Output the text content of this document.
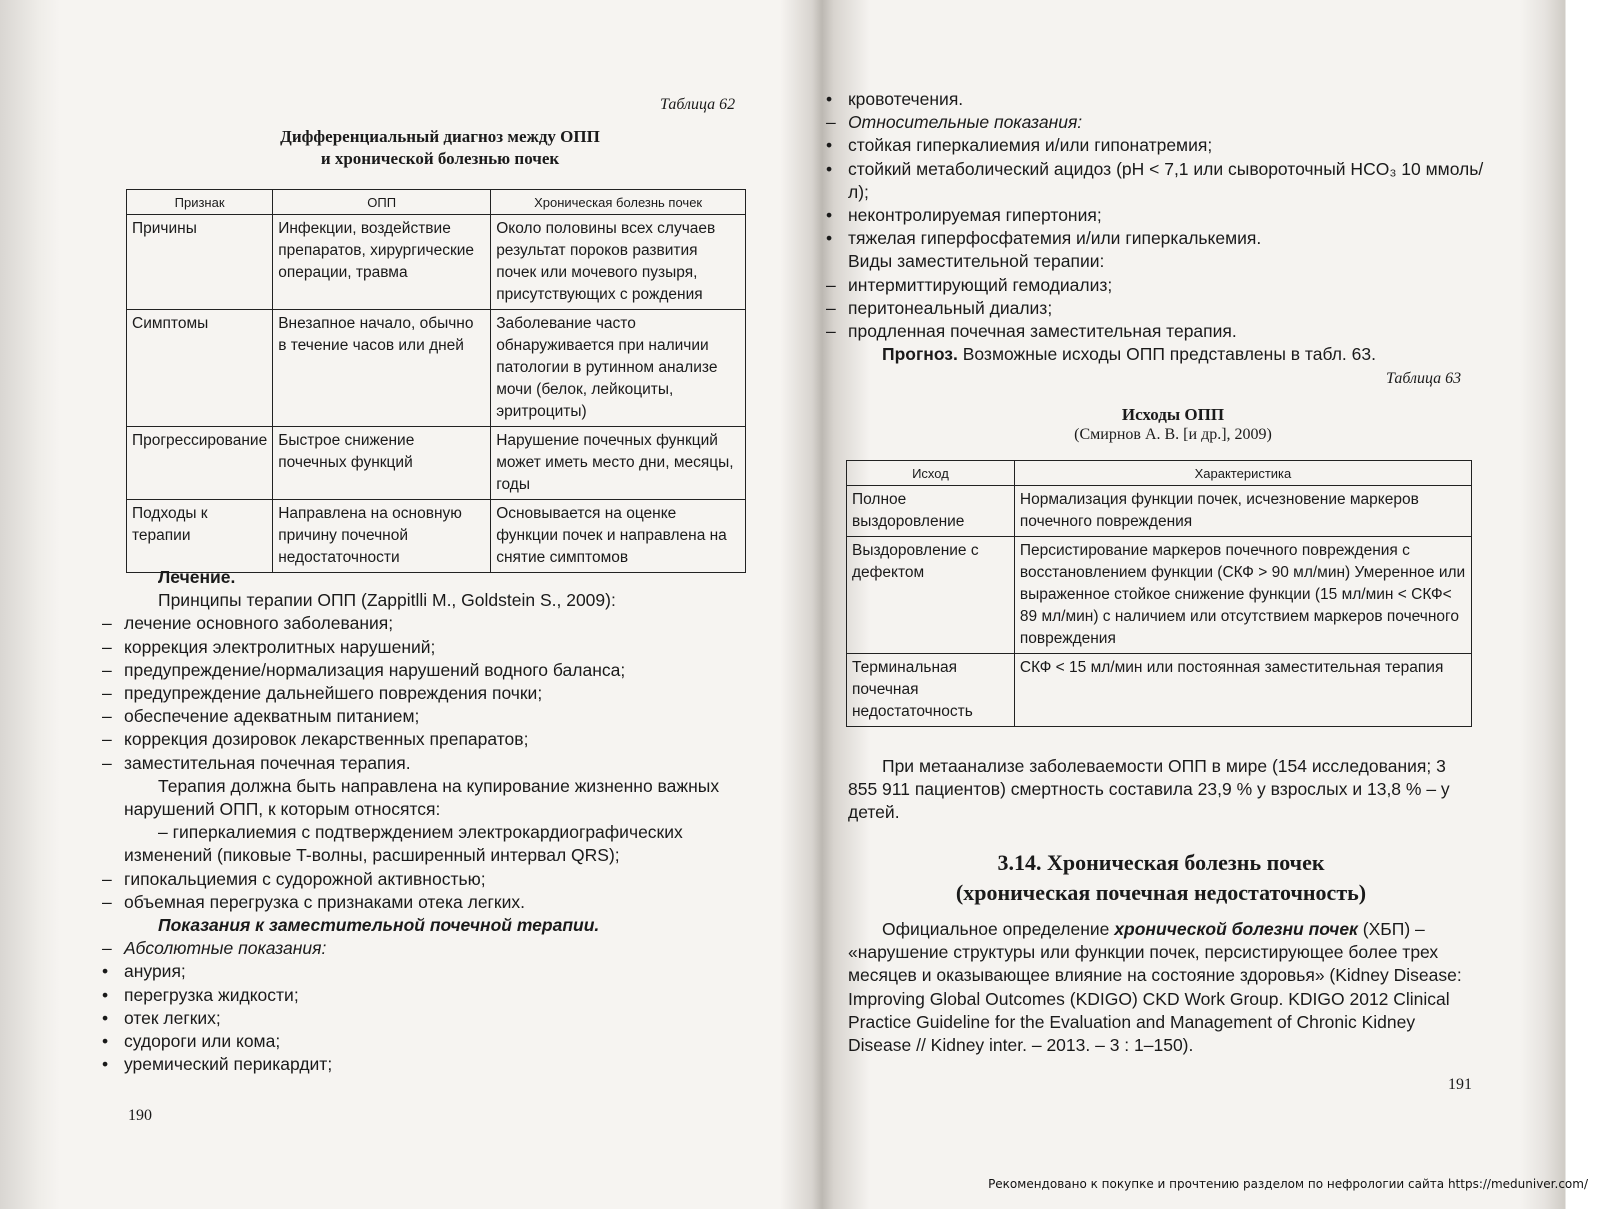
Таблица 62
Дифференциальный диагноз между ОПП
и хронической болезнью почек
Признак	ОПП	Хроническая болезнь почек
Причины	Инфекции, воздействие препаратов, хирургические операции, травма	Около половины всех случаев результат пороков развития почек или мочевого пузыря, присутствующих с рождения
Симптомы	Внезапное начало, обычно в течение часов или дней	Заболевание часто обнаруживается при наличии патологии в рутинном анализе мочи (белок, лейкоциты, эритроциты)
Прогрессирование	Быстрое снижение почечных функций	Нарушение почечных функций может иметь место дни, месяцы, годы
Подходы к терапии	Направлена на основную причину почечной недостаточности	Основывается на оценке функции почек и направлена на снятие симптомов

Лечение.

Принципы терапии ОПП (Zappitlli M., Goldstein S., 2009):

– лечение основного заболевания;

– коррекция электролитных нарушений;

– предупреждение/нормализация нарушений водного баланса;

– предупреждение дальнейшего повреждения почки;

– обеспечение адекватным питанием;

– коррекция дозировок лекарственных препаратов;

– заместительная почечная терапия.

Терапия должна быть направлена на купирование жизненно важных нарушений ОПП, к которым относятся:

– гиперкалиемия с подтверждением электрокардиографических изменений (пиковые T-волны, расширенный интервал QRS);

– гипокальциемия с судорожной активностью;

– объемная перегрузка с признаками отека легких.

Показания к заместительной почечной терапии.

– Абсолютные показания:

• анурия;

• перегрузка жидкости;

• отек легких;

• судороги или кома;

• уремический перикардит;

190

• кровотечения.

– Относительные показания:

• стойкая гиперкалиемия и/или гипонатремия;

• стойкий метаболический ацидоз (pH < 7,1 или сывороточный HCO₃ 10 ммоль/л);

• неконтролируемая гипертония;

• тяжелая гиперфосфатемия и/или гиперкалькемия.

Виды заместительной терапии:

– интермиттирующий гемодиализ;

– перитонеальный диализ;

– продленная почечная заместительная терапия.

Прогноз. Возможные исходы ОПП представлены в табл. 63.

Таблица 63
Исходы ОПП
(Смирнов А. В. [и др.], 2009)
Исход	Характеристика
Полное выздоровление	Нормализация функции почек, исчезновение маркеров почечного повреждения
Выздоровление с дефектом	Персистирование маркеров почечного повреждения с восстановлением функции (СКФ > 90 мл/мин) Умеренное или выраженное стойкое снижение функции (15 мл/мин < СКФ< 89 мл/мин) с наличием или отсутствием маркеров почечного повреждения
Терминальная почечная недостаточность	СКФ < 15 мл/мин или постоянная заместительная терапия

При метаанализе заболеваемости ОПП в мире (154 исследования; 3 855 911 пациентов) смертность составила 23,9 % у взрослых и 13,8 % – у детей.

3.14. Хроническая болезнь почек
(хроническая почечная недостаточность)

Официальное определение хронической болезни почек (ХБП) – «нарушение структуры или функции почек, персистирующее более трех месяцев и оказывающее влияние на состояние здоровья» (Kidney Disease: Improving Global Outcomes (KDIGO) CKD Work Group. KDIGO 2012 Clinical Practice Guideline for the Evaluation and Management of Chronic Kidney Disease // Kidney inter. – 2013. – 3 : 1–150).

191
Рекомендовано к покупке и прочтению разделом по нефрологии сайта https://meduniver.com/
